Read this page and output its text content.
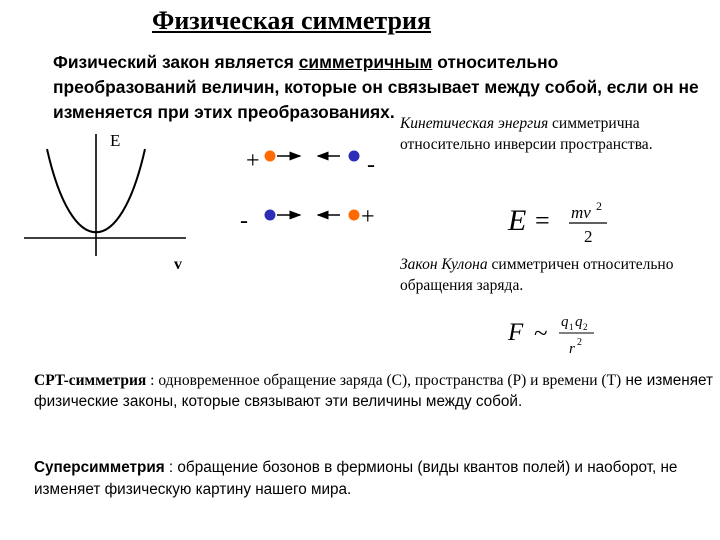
Физическая симметрия
Физический закон является симметричным относительно преобразований величин, которые он связывает между собой, если он не изменяется при этих преобразованиях.
E
v
+	-
-	+
Кинетическая энергия симметрична относительно инверсии пространства.
E = mv 2
2
Закон Кулона симметричен относительно обращения заряда.
F ~ q 1 q 2
r 2
CPT-симметрия : одновременное обращение заряда (С), пространства (Р) и времени (Т) не изменяет физические законы, которые связывают эти величины между собой.
Суперсимметрия : обращение бозонов в фермионы (виды квантов полей) и наоборот, не изменяет физическую картину нашего мира.
